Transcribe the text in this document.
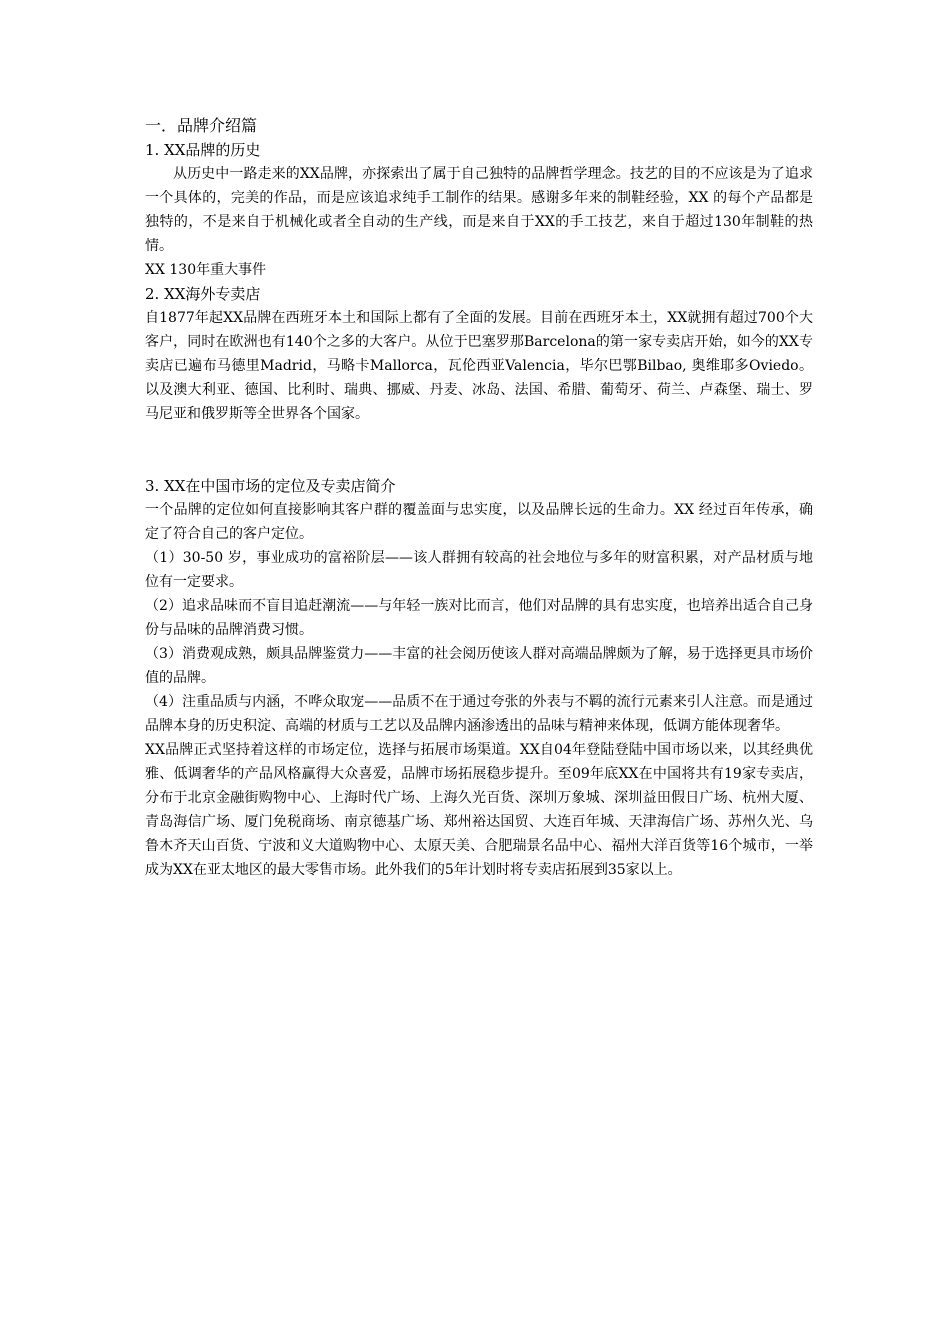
一．品牌介绍篇
1. XX品牌的历史
从历史中一路走来的XX品牌，亦探索出了属于自己独特的品牌哲学理念。技艺的目的不应该是为了追求一个具体的，完美的作品，而是应该追求纯手工制作的结果。感谢多年来的制鞋经验，XX 的每个产品都是独特的，不是来自于机械化或者全自动的生产线，而是来自于XX的手工技艺，来自于超过130年制鞋的热情。
XX 130年重大事件
2. XX海外专卖店
自1877年起XX品牌在西班牙本土和国际上都有了全面的发展。目前在西班牙本土，XX就拥有超过700个大客户，同时在欧洲也有140个之多的大客户。从位于巴塞罗那Barcelona的第一家专卖店开始，如今的XX专卖店已遍布马德里Madrid，马略卡Mallorca，瓦伦西亚Valencia，毕尔巴鄂Bilbao, 奥维耶多Oviedo。以及澳大利亚、德国、比利时、瑞典、挪威、丹麦、冰岛、法国、希腊、葡萄牙、荷兰、卢森堡、瑞士、罗马尼亚和俄罗斯等全世界各个国家。
3. XX在中国市场的定位及专卖店简介
一个品牌的定位如何直接影响其客户群的覆盖面与忠实度，以及品牌长远的生命力。XX 经过百年传承，确定了符合自己的客户定位。
（1）30-50 岁，事业成功的富裕阶层——该人群拥有较高的社会地位与多年的财富积累，对产品材质与地位有一定要求。
（2）追求品味而不盲目追赶潮流——与年轻一族对比而言，他们对品牌的具有忠实度，也培养出适合自己身份与品味的品牌消费习惯。
（3）消费观成熟，颇具品牌鉴赏力——丰富的社会阅历使该人群对高端品牌颇为了解，易于选择更具市场价值的品牌。
（4）注重品质与内涵，不哗众取宠——品质不在于通过夸张的外表与不羁的流行元素来引人注意。而是通过品牌本身的历史积淀、高端的材质与工艺以及品牌内涵渗透出的品味与精神来体现，低调方能体现奢华。
XX品牌正式坚持着这样的市场定位，选择与拓展市场渠道。XX自04年登陆登陆中国市场以来，以其经典优雅、低调奢华的产品风格赢得大众喜爱，品牌市场拓展稳步提升。至09年底XX在中国将共有19家专卖店，分布于北京金融街购物中心、上海时代广场、上海久光百货、深圳万象城、深圳益田假日广场、杭州大厦、青岛海信广场、厦门免税商场、南京德基广场、郑州裕达国贸、大连百年城、天津海信广场、苏州久光、乌鲁木齐天山百货、宁波和义大道购物中心、太原天美、合肥瑞景名品中心、福州大洋百货等16个城市，一举成为XX在亚太地区的最大零售市场。此外我们的5年计划时将专卖店拓展到35家以上。
